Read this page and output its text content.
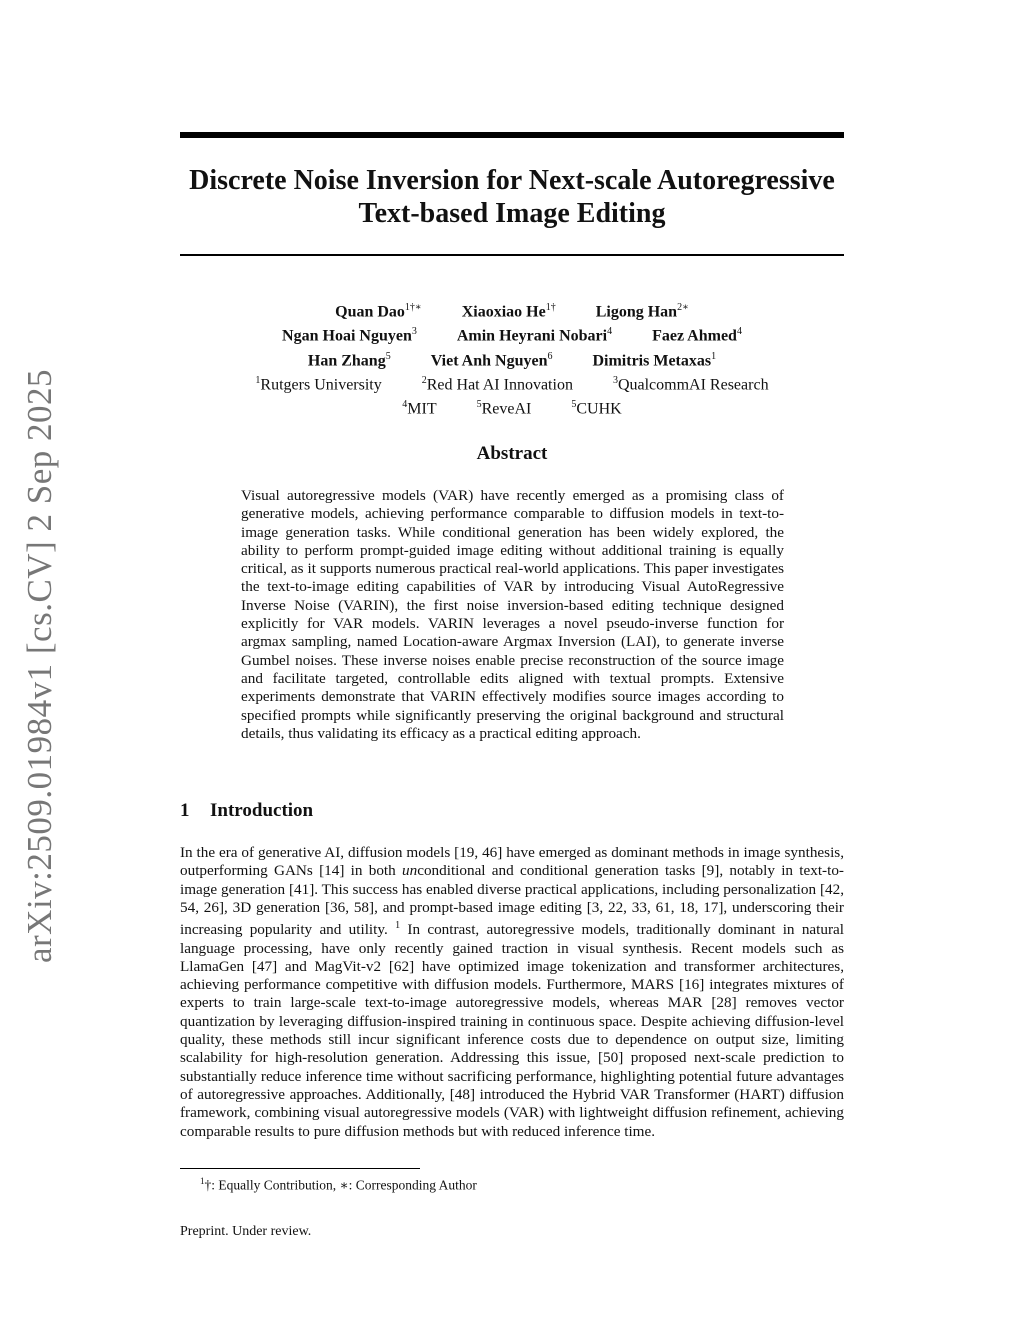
arXiv:2509.01984v1 [cs.CV] 2 Sep 2025
Discrete Noise Inversion for Next-scale Autoregressive
Text-based Image Editing
Quan Dao$^{1\dagger∗}$	Xiaoxiao $He^{1\dagger}$	Ligong Han$^{2∗}$
Ngan Hoai Nguyen$^3$	Amin Heyrani Nobari$^4$	Faez Ahmed$^4$
Han Zhang$^5$	Viet Anh Nguyen$^6$	Dimitris Metaxas$^1$
$^1$Rutgers University	$^2$Red Hat AI Innovation	$^3$QualcommAI Research
$^4$MIT	$^5$ReveAI	$^5$CUHK
Abstract
Visual autoregressive models (VAR) have recently emerged as a promising class of generative models, achieving performance comparable to diffusion models in text-to-image generation tasks. While conditional generation has been widely explored, the ability to perform prompt-guided image editing without additional training is equally critical, as it supports numerous practical real-world applications. This paper investigates the text-to-image editing capabilities of VAR by introducing Visual AutoRegressive Inverse Noise (VARIN), the first noise inversion-based editing technique designed explicitly for VAR models. VARIN leverages a novel pseudo-inverse function for argmax sampling, named Location-aware Argmax Inversion (LAI), to generate inverse Gumbel noises. These inverse noises enable precise reconstruction of the source image and facilitate targeted, controllable edits aligned with textual prompts. Extensive experiments demonstrate that VARIN effectively modifies source images according to specified prompts while significantly preserving the original background and structural details, thus validating its efficacy as a practical editing approach.
1 Introduction
In the era of generative AI, diffusion models [19, 46] have emerged as dominant methods in image synthesis, outperforming GANs [14] in both unconditional and conditional generation tasks [9], notably in text-to-image generation [41]. This success has enabled diverse practical applications, including personalization [42, 54, 26], 3D generation [36, 58], and prompt-based image editing [3, 22, 33, 61, 18, 17], underscoring their increasing popularity and utility. $^1$ In contrast, autoregressive models, traditionally dominant in natural language processing, have only recently gained traction in visual synthesis. Recent models such as LlamaGen [47] and MagVit-v2 [62] have optimized image tokenization and transformer architectures, achieving performance competitive with diffusion models. Furthermore, MARS [16] integrates mixtures of experts to train large-scale text-to-image autoregressive models, whereas MAR [28] removes vector quantization by leveraging diffusion-inspired training in continuous space. Despite achieving diffusion-level quality, these methods still incur significant inference costs due to dependence on output size, limiting scalability for high-resolution generation. Addressing this issue, [50] proposed next-scale prediction to substantially reduce inference time without sacrificing performance, highlighting potential future advantages of autoregressive approaches. Additionally, [48] introduced the Hybrid VAR Transformer (HART) diffusion framework, combining visual autoregressive models (VAR) with lightweight diffusion refinement, achieving comparable results to pure diffusion methods but with reduced inference time.
$^1$†: Equally Contribution, ∗: Corresponding Author
Preprint. Under review.
